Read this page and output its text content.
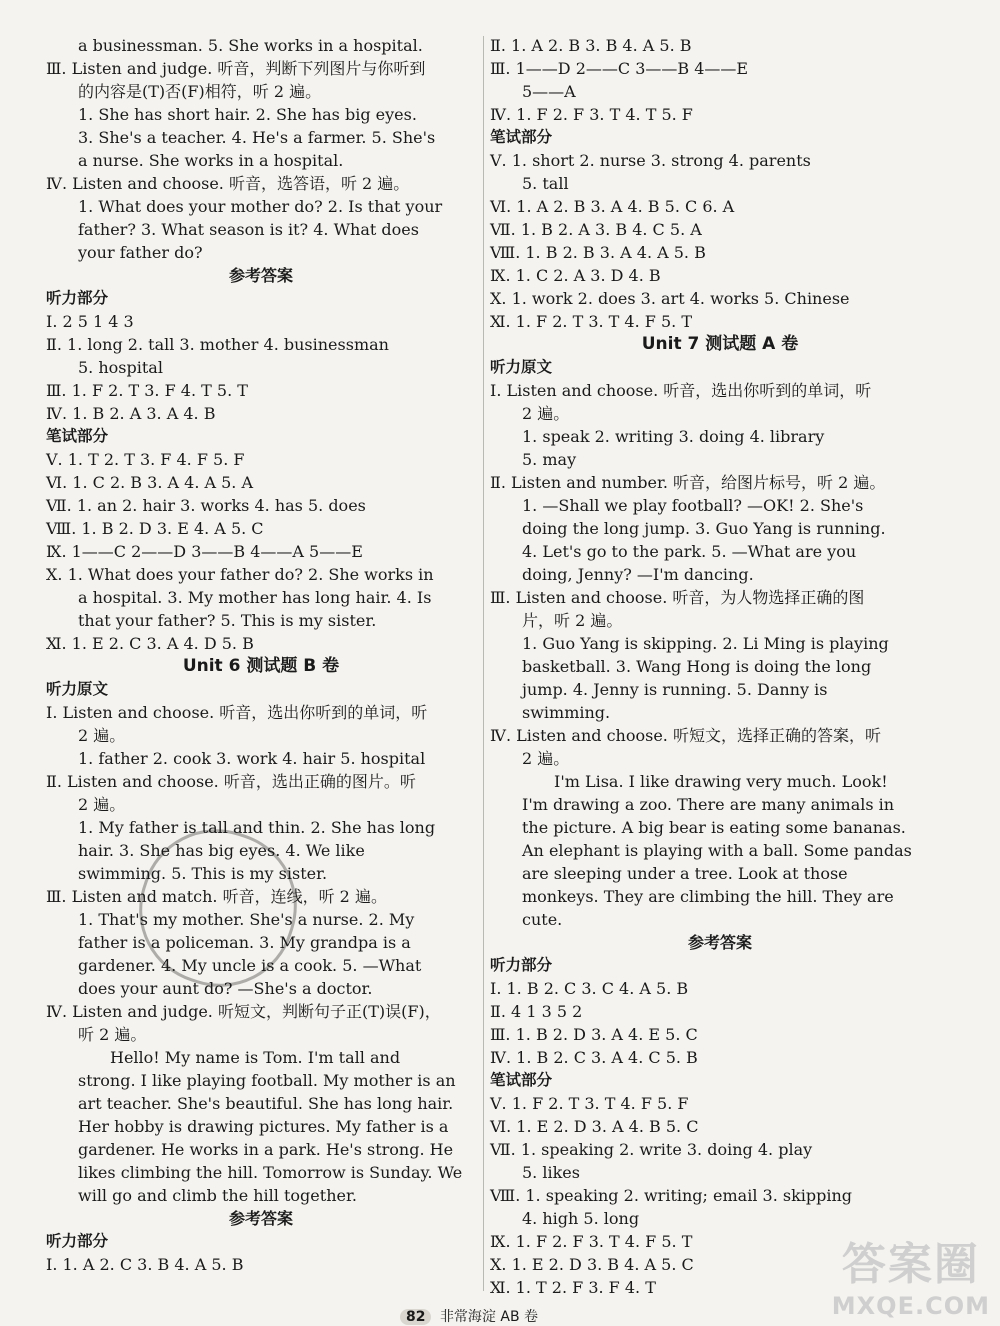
a businessman. 5. She works in a hospital.
Ⅲ. Listen and judge. 听音，判断下列图片与你听到
的内容是(T)否(F)相符，听 2 遍。
1. She has short hair. 2. She has big eyes.
3. She's a teacher. 4. He's a farmer. 5. She's
a nurse. She works in a hospital.
Ⅳ. Listen and choose. 听音，选答语，听 2 遍。
1. What does your mother do? 2. Is that your
father? 3. What season is it? 4. What does
your father do?
参考答案
听力部分
Ⅰ. 2 5 1 4 3
Ⅱ. 1. long 2. tall 3. mother 4. businessman
5. hospital
Ⅲ. 1. F 2. T 3. F 4. T 5. T
Ⅳ. 1. B 2. A 3. A 4. B
笔试部分
Ⅴ. 1. T 2. T 3. F 4. F 5. F
Ⅵ. 1. C 2. B 3. A 4. A 5. A
Ⅶ. 1. an 2. hair 3. works 4. has 5. does
Ⅷ. 1. B 2. D 3. E 4. A 5. C
Ⅸ. 1——C 2——D 3——B 4——A 5——E
Ⅹ. 1. What does your father do? 2. She works in
a hospital. 3. My mother has long hair. 4. Is
that your father? 5. This is my sister.
Ⅺ. 1. E 2. C 3. A 4. D 5. B
Unit 6 测试题 B 卷
听力原文
Ⅰ. Listen and choose. 听音，选出你听到的单词，听
2 遍。
1. father 2. cook 3. work 4. hair 5. hospital
Ⅱ. Listen and choose. 听音，选出正确的图片。听
2 遍。
1. My father is tall and thin. 2. She has long
hair. 3. She has big eyes. 4. We like
swimming. 5. This is my sister.
Ⅲ. Listen and match. 听音，连线，听 2 遍。
1. That's my mother. She's a nurse. 2. My
father is a policeman. 3. My grandpa is a
gardener. 4. My uncle is a cook. 5. —What
does your aunt do? —She's a doctor.
Ⅳ. Listen and judge. 听短文，判断句子正(T)误(F)，
听 2 遍。
Hello! My name is Tom. I'm tall and
strong. I like playing football. My mother is an
art teacher. She's beautiful. She has long hair.
Her hobby is drawing pictures. My father is a
gardener. He works in a park. He's strong. He
likes climbing the hill. Tomorrow is Sunday. We
will go and climb the hill together.
参考答案
听力部分
Ⅰ. 1. A 2. C 3. B 4. A 5. B
Ⅱ. 1. A 2. B 3. B 4. A 5. B
Ⅲ. 1——D 2——C 3——B 4——E
5——A
Ⅳ. 1. F 2. F 3. T 4. T 5. F
笔试部分
Ⅴ. 1. short 2. nurse 3. strong 4. parents
5. tall
Ⅵ. 1. A 2. B 3. A 4. B 5. C 6. A
Ⅶ. 1. B 2. A 3. B 4. C 5. A
Ⅷ. 1. B 2. B 3. A 4. A 5. B
Ⅸ. 1. C 2. A 3. D 4. B
Ⅹ. 1. work 2. does 3. art 4. works 5. Chinese
Ⅺ. 1. F 2. T 3. T 4. F 5. T
Unit 7 测试题 A 卷
听力原文
Ⅰ. Listen and choose. 听音，选出你听到的单词，听
2 遍。
1. speak 2. writing 3. doing 4. library
5. may
Ⅱ. Listen and number. 听音，给图片标号，听 2 遍。
1. —Shall we play football? —OK! 2. She's
doing the long jump. 3. Guo Yang is running.
4. Let's go to the park. 5. —What are you
doing, Jenny? —I'm dancing.
Ⅲ. Listen and choose. 听音，为人物选择正确的图
片，听 2 遍。
1. Guo Yang is skipping. 2. Li Ming is playing
basketball. 3. Wang Hong is doing the long
jump. 4. Jenny is running. 5. Danny is
swimming.
Ⅳ. Listen and choose. 听短文，选择正确的答案，听
2 遍。
I'm Lisa. I like drawing very much. Look!
I'm drawing a zoo. There are many animals in
the picture. A big bear is eating some bananas.
An elephant is playing with a ball. Some pandas
are sleeping under a tree. Look at those
monkeys. They are climbing the hill. They are
cute.
参考答案
听力部分
Ⅰ. 1. B 2. C 3. C 4. A 5. B
Ⅱ. 4 1 3 5 2
Ⅲ. 1. B 2. D 3. A 4. E 5. C
Ⅳ. 1. B 2. C 3. A 4. C 5. B
笔试部分
Ⅴ. 1. F 2. T 3. T 4. F 5. F
Ⅵ. 1. E 2. D 3. A 4. B 5. C
Ⅶ. 1. speaking 2. write 3. doing 4. play
5. likes
Ⅷ. 1. speaking 2. writing; email 3. skipping
4. high 5. long
Ⅸ. 1. F 2. F 3. T 4. F 5. T
Ⅹ. 1. E 2. D 3. B 4. A 5. C
Ⅺ. 1. T 2. F 3. F 4. T
82 非常海淀 AB 卷
答案圈
MXQE.COM
